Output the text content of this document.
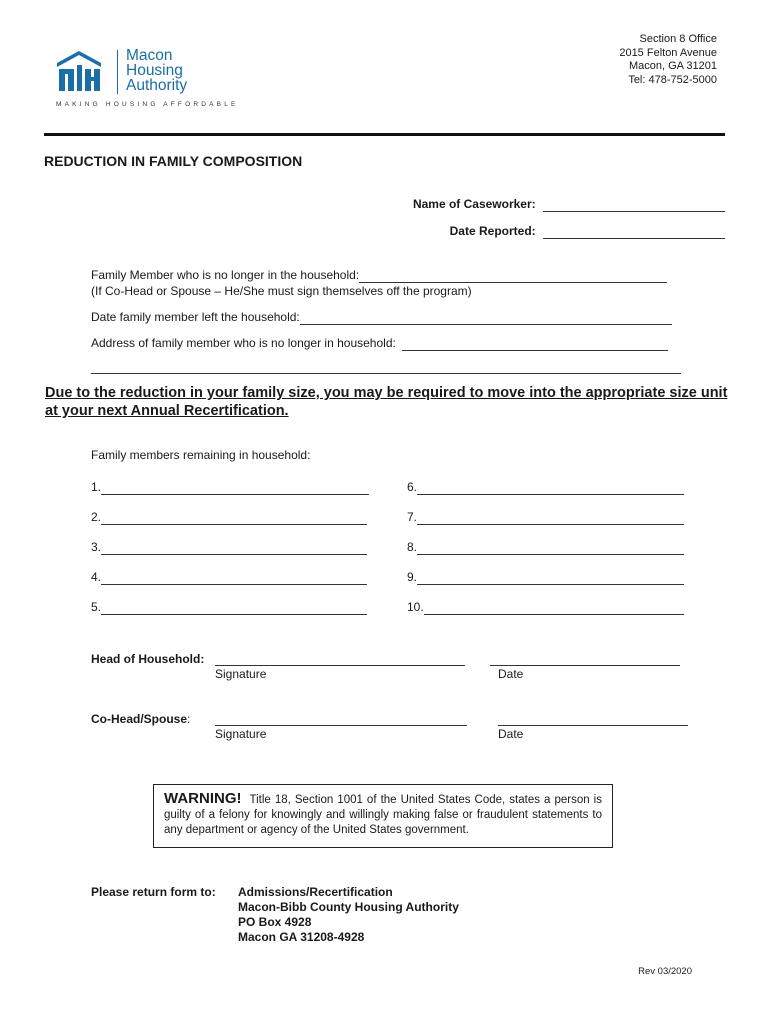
Macon
Housing
Authority
MAKING HOUSING AFFORDABLE
Section 8 Office
2015 Felton Avenue
Macon, GA 31201
Tel: 478-752-5000
REDUCTION IN FAMILY COMPOSITION
Name of Caseworker:
Date Reported:
Family Member who is no longer in the household:
(If Co-Head or Spouse – He/She must sign themselves off the program)
Date family member left the household:
Address of family member who is no longer in household:
Due to the reduction in your family size, you may be required to move into the appropriate size unit at your next Annual Recertification.
Family members remaining in household:
1.
2.
3.
4.
5.
6.
7.
8.
9.
10.
Head of Household:
Signature	Date
Co-Head/Spouse:
Signature	Date
WARNING! Title 18, Section 1001 of the United States Code, states a person is guilty of a felony for knowingly and willingly making false or fraudulent statements to any department or agency of the United States government.
Please return form to: Admissions/Recertification
Macon-Bibb County Housing Authority
PO Box 4928
Macon GA 31208-4928
Rev 03/2020
